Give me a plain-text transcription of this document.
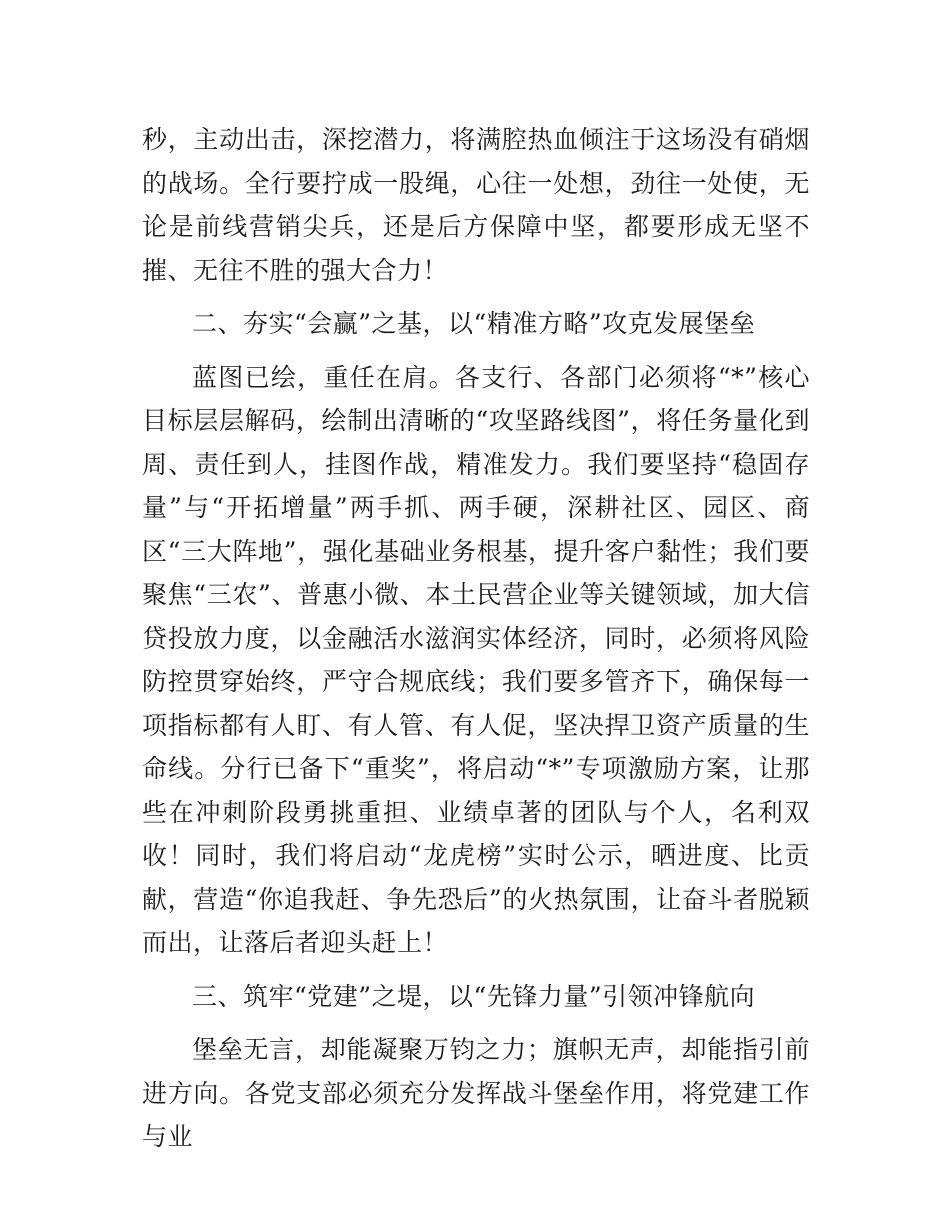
秒，主动出击，深挖潜力，将满腔热血倾注于这场没有硝烟的战场。全行要拧成一股绳，心往一处想，劲往一处使，无论是前线营销尖兵，还是后方保障中坚，都要形成无坚不摧、无往不胜的强大合力！

二、夯实“会赢”之基，以“精准方略”攻克发展堡垒

蓝图已绘，重任在肩。各支行、各部门必须将“*”核心目标层层解码，绘制出清晰的“攻坚路线图”，将任务量化到周、责任到人，挂图作战，精准发力。我们要坚持“稳固存量”与“开拓增量”两手抓、两手硬，深耕社区、园区、商区“三大阵地”，强化基础业务根基，提升客户黏性；我们要聚焦“三农”、普惠小微、本土民营企业等关键领域，加大信贷投放力度，以金融活水滋润实体经济，同时，必须将风险防控贯穿始终，严守合规底线；我们要多管齐下，确保每一项指标都有人盯、有人管、有人促，坚决捍卫资产质量的生命线。分行已备下“重奖”，将启动“*”专项激励方案，让那些在冲刺阶段勇挑重担、业绩卓著的团队与个人，名利双收！同时，我们将启动“龙虎榜”实时公示，晒进度、比贡献，营造“你追我赶、争先恐后”的火热氛围，让奋斗者脱颖而出，让落后者迎头赶上！

三、筑牢“党建”之堤，以“先锋力量”引领冲锋航向

堡垒无言，却能凝聚万钧之力；旗帜无声，却能指引前进方向。各党支部必须充分发挥战斗堡垒作用，将党建工作与业
